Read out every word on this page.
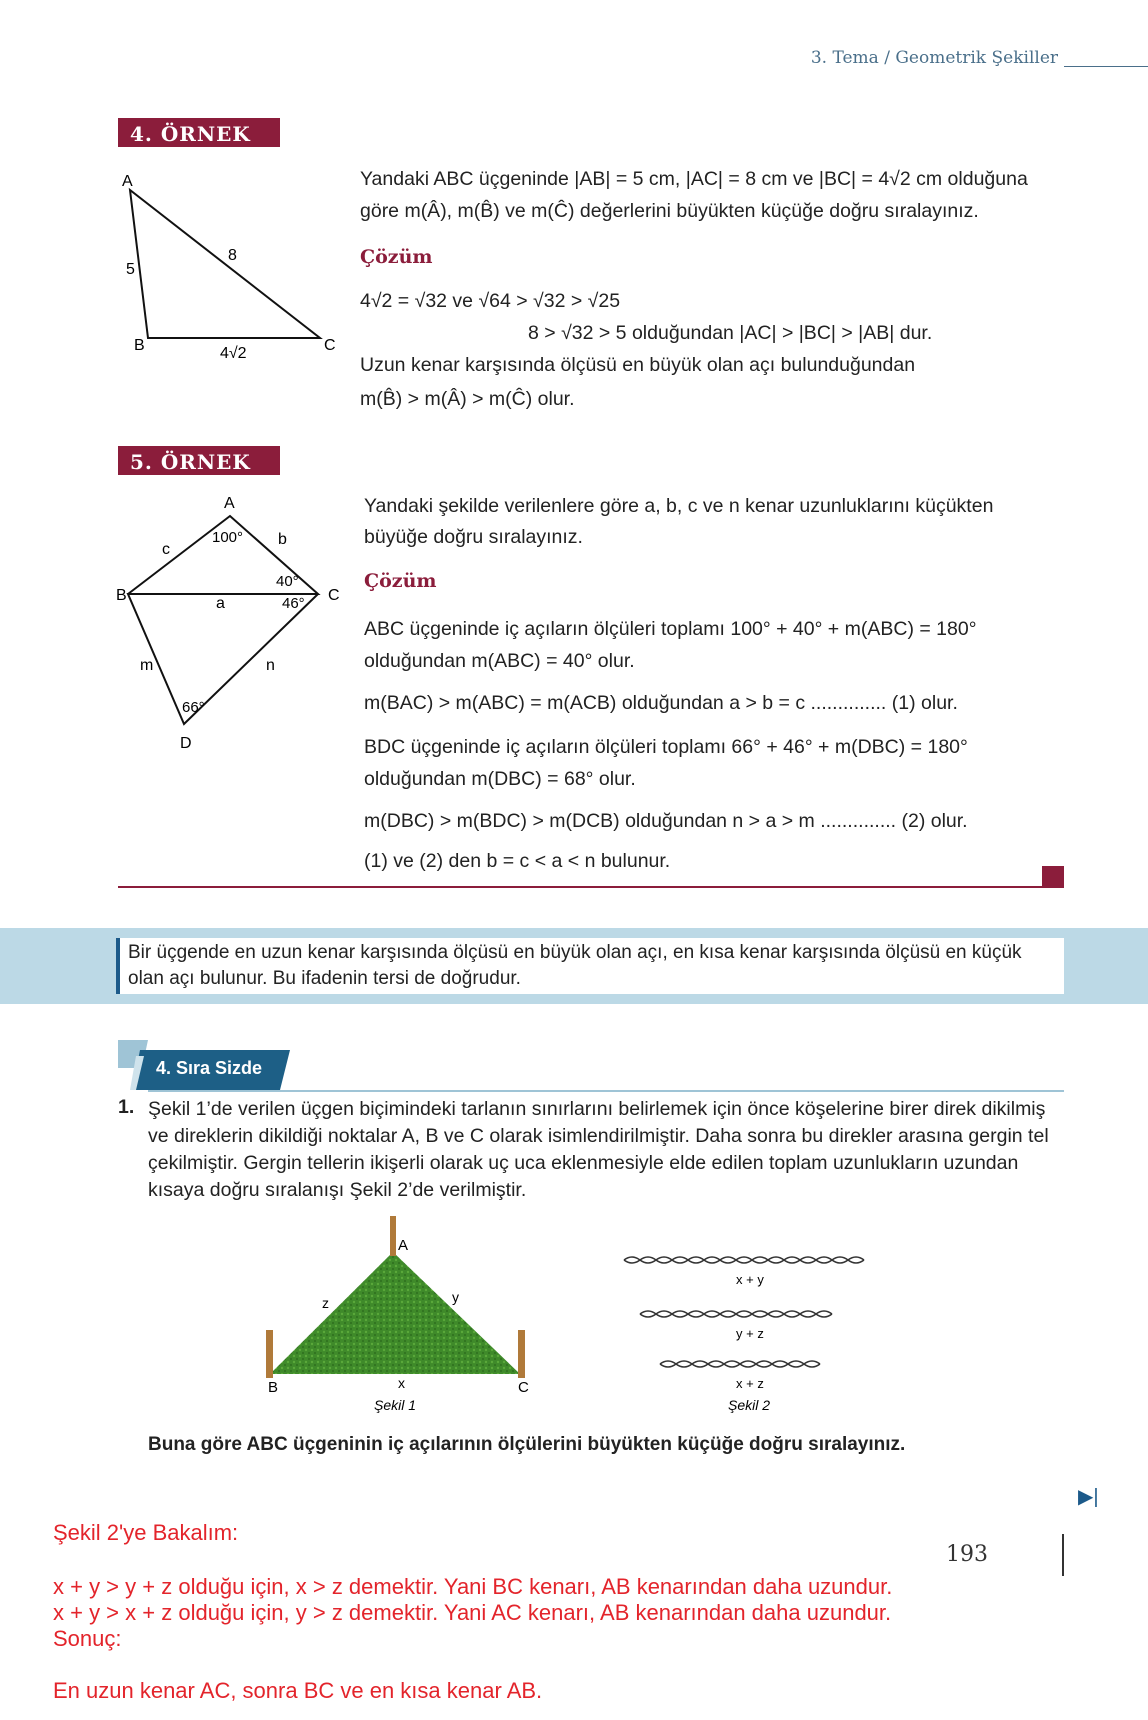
3. Tema / Geometrik Şekiller
4. ÖRNEK
A
B	C
5
8
4√2
Yandaki ABC üçgeninde |AB| = 5 cm, |AC| = 8 cm ve |BC| = 4√2 cm olduğuna
göre m(Â), m(B̂) ve m(Ĉ) değerlerini büyükten küçüğe doğru sıralayınız.
Çözüm
4√2 = √32 ve √64 > √32 > √25
8 > √32 > 5 olduğundan |AC| > |BC| > |AB| dur.
Uzun kenar karşısında ölçüsü en büyük olan açı bulunduğundan
m(B̂) > m(Â) > m(Ĉ) olur.
5. ÖRNEK
A
B	C
D
c
b
a
m	n
100°
40°
46°
66°
Yandaki şekilde verilenlere göre a, b, c ve n kenar uzunluklarını küçükten
büyüğe doğru sıralayınız.
Çözüm
ABC üçgeninde iç açıların ölçüleri toplamı 100° + 40° + m(ABC) = 180°
olduğundan m(ABC) = 40° olur.
m(BAC) > m(ABC) = m(ACB) olduğundan a > b = c .............. (1) olur.
BDC üçgeninde iç açıların ölçüleri toplamı 66° + 46° + m(DBC) = 180°
olduğundan m(DBC) = 68° olur.
m(DBC) > m(BDC) > m(DCB) olduğundan n > a > m .............. (2) olur.
(1) ve (2) den b = c < a < n bulunur.
Bir üçgende en uzun kenar karşısında ölçüsü en büyük olan açı, en kısa kenar karşısında ölçüsü en küçük olan açı bulunur. Bu ifadenin tersi de doğrudur.
4. Sıra Sizde
1. Şekil 1’de verilen üçgen biçimindeki tarlanın sınırlarını belirlemek için önce köşelerine birer direk dikilmiş ve direklerin dikildiği noktalar A, B ve C olarak isimlendirilmiştir. Daha sonra bu direkler arasına gergin tel çekilmiştir. Gergin tellerin ikişerli olarak uç uca eklenmesiyle elde edilen toplam uzunlukların uzundan kısaya doğru sıralanışı Şekil 2’de verilmiştir.
A
B	C
x
y
z
Şekil 1
x + y
y + z
x + z
Şekil 2
Buna göre ABC üçgeninin iç açılarının ölçülerini büyükten küçüğe doğru sıralayınız.
▶|
193
Şekil 2'ye Bakalım:
x + y > y + z olduğu için, x > z demektir. Yani BC kenarı, AB kenarından daha uzundur.
x + y > x + z olduğu için, y > z demektir. Yani AC kenarı, AB kenarından daha uzundur.
Sonuç:
En uzun kenar AC, sonra BC ve en kısa kenar AB.
